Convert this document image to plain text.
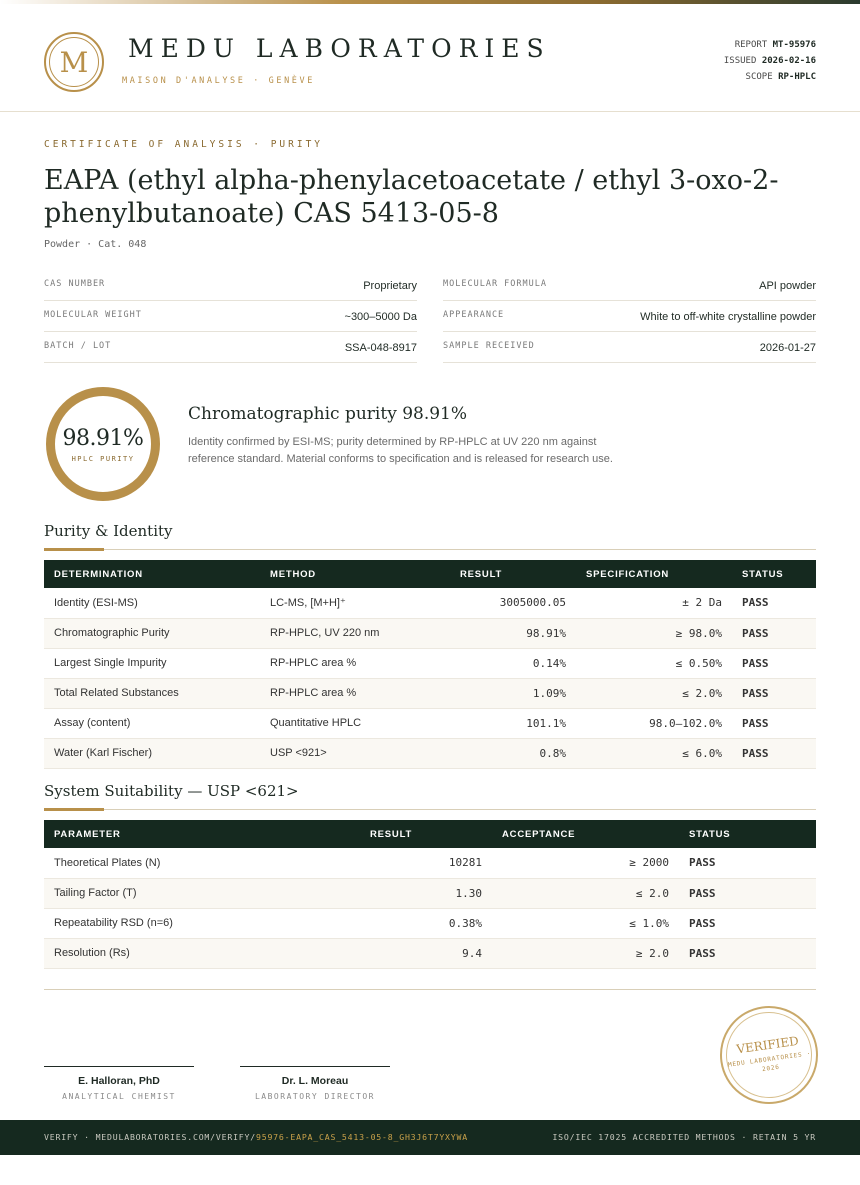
M	MEDU LABORATORIES
MAISON D'ANALYSE · GENÈVE
REPORT MT-95976
ISSUED 2026-02-16
SCOPE RP-HPLC
CERTIFICATE OF ANALYSIS · PURITY
EAPA (ethyl alpha-phenylacetoacetate / ethyl 3-oxo-2-phenylbutanoate) CAS 5413-05-8
Powder · Cat. 048
CAS NUMBER	Proprietary	MOLECULAR FORMULA	API powder
MOLECULAR WEIGHT	~300–5000 Da	APPEARANCE	White to off-white crystalline powder
BATCH / LOT	SSA-048-8917	SAMPLE RECEIVED	2026-01-27
98.91%
HPLC PURITY
Chromatographic purity 98.91%
Identity confirmed by ESI-MS; purity determined by RP-HPLC at UV 220 nm against reference standard. Material conforms to specification and is released for research use.
Purity & Identity
DETERMINATION	METHOD	RESULT	SPECIFICATION	STATUS
Identity (ESI-MS)	LC-MS, [M+H]⁺	3005000.05	± 2 Da	PASS
Chromatographic Purity	RP-HPLC, UV 220 nm	98.91%	≥ 98.0%	PASS
Largest Single Impurity	RP-HPLC area %	0.14%	≤ 0.50%	PASS
Total Related Substances	RP-HPLC area %	1.09%	≤ 2.0%	PASS
Assay (content)	Quantitative HPLC	101.1%	98.0–102.0%	PASS
Water (Karl Fischer)	USP <921>	0.8%	≤ 6.0%	PASS
System Suitability — USP <621>
PARAMETER	RESULT	ACCEPTANCE	STATUS
Theoretical Plates (N)	10281	≥ 2000	PASS
Tailing Factor (T)	1.30	≤ 2.0	PASS
Repeatability RSD (n=6)	0.38%	≤ 1.0%	PASS
Resolution (Rs)	9.4	≥ 2.0	PASS
E. Halloran, PhD
ANALYTICAL CHEMIST
Dr. L. Moreau
LABORATORY DIRECTOR
VERIFIED
MEDU LABORATORIES · 2026
VERIFY · MEDULABORATORIES.COM/VERIFY/95976-EAPA_CAS_5413-05-8_GH3J6T7YXYWA	ISO/IEC 17025 ACCREDITED METHODS · RETAIN 5 YR
